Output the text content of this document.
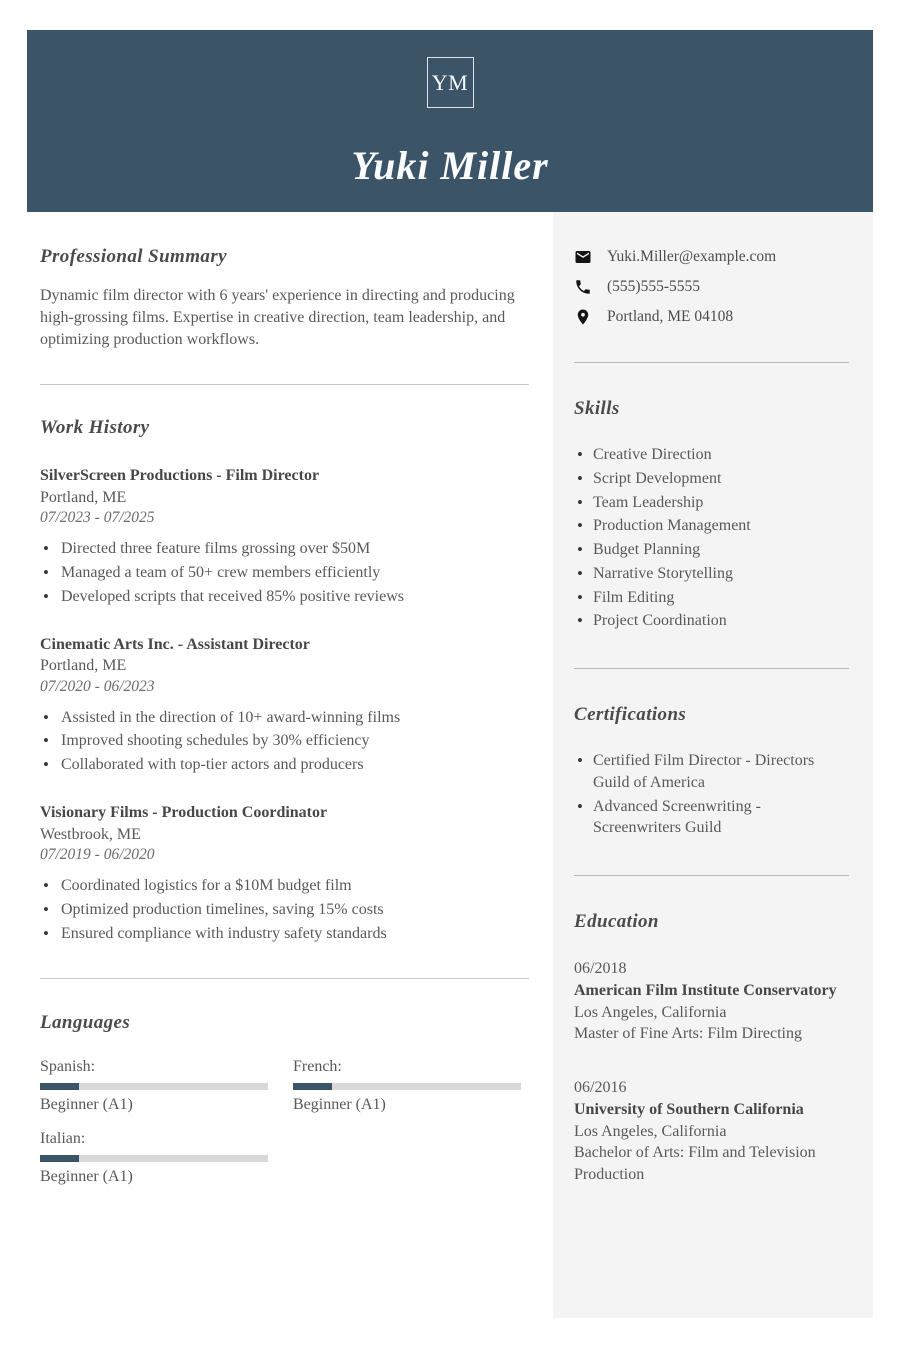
YM
Yuki Miller
Professional Summary

Dynamic film director with 6 years' experience in directing and producing high-grossing films. Expertise in creative direction, team leadership, and optimizing production workflows.

Work History
SilverScreen Productions - Film Director
Portland, ME
07/2023 - 07/2025
• Directed three feature films grossing over $50M
• Managed a team of 50+ crew members efficiently
• Developed scripts that received 85% positive reviews
Cinematic Arts Inc. - Assistant Director
Portland, ME
07/2020 - 06/2023
• Assisted in the direction of 10+ award-winning films
• Improved shooting schedules by 30% efficiency
• Collaborated with top-tier actors and producers
Visionary Films - Production Coordinator
Westbrook, ME
07/2019 - 06/2020
• Coordinated logistics for a $10M budget film
• Optimized production timelines, saving 15% costs
• Ensured compliance with industry safety standards
Languages
Spanish:
Beginner (A1)
French:
Beginner (A1)
Italian:
Beginner (A1)
Yuki.Miller@example.com
(555)555-5555
Portland, ME 04108
Skills
• Creative Direction
• Script Development
• Team Leadership
• Production Management
• Budget Planning
• Narrative Storytelling
• Film Editing
• Project Coordination
Certifications
• Certified Film Director - Directors Guild of America
• Advanced Screenwriting - Screenwriters Guild
Education
06/2018
American Film Institute Conservatory
Los Angeles, California
Master of Fine Arts: Film Directing
06/2016
University of Southern California
Los Angeles, California
Bachelor of Arts: Film and Television Production
